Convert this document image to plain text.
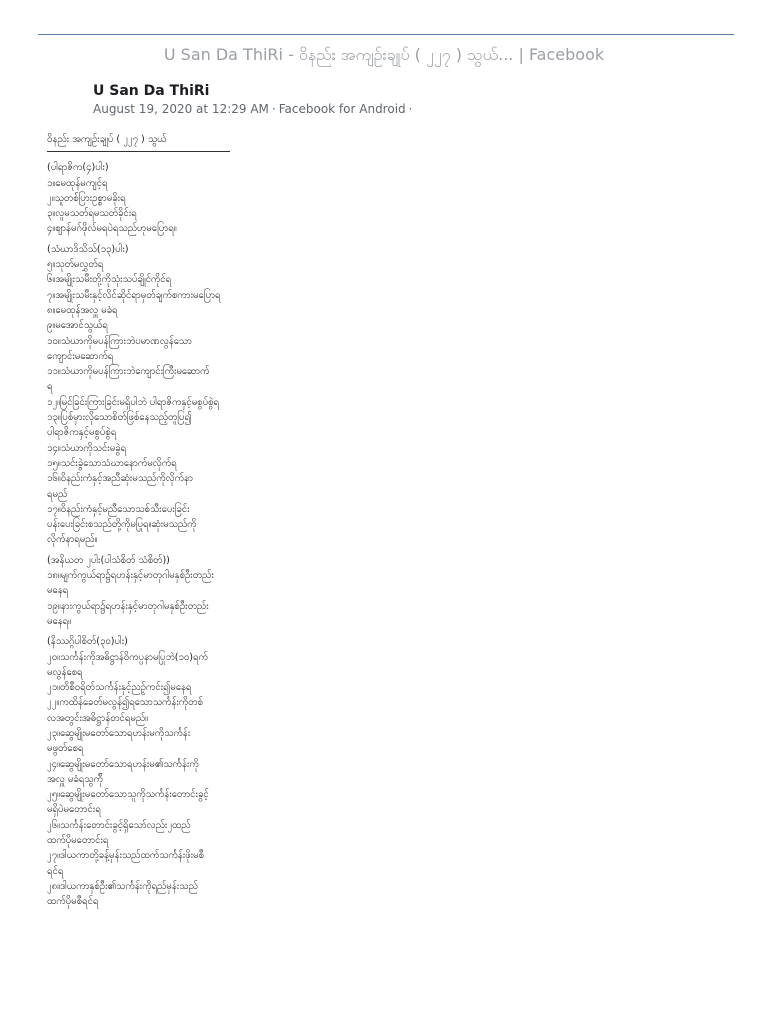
U San Da ThiRi - ဝိနည်း အကျဉ်းချုပ် ( ၂၂၇ ) သွယ်... | Facebook
U San Da ThiRi
August 19, 2020 at 12:29 AM · Facebook for Android ·
ဝိနည်း အကျဉ်းချုပ် ( ၂၂၇ ) သွယ်
(ပါရာဇိက(၄)ပါး)
၁။မေထုန်မကျင့်ရ
၂။သူတစ်ပြားဥစ္စာမခိုးရ
၃။လူမသတ်ရမသတ်ခိုင်းရ
၄။ဈာန်မဂ်ဖိုလ်မရပဲရသည်ဟုမပြောရ။
(သံဃာဒိသိသ်(၁၃)ပါး)
၅။သုတ်မလွှတ်ရ
၆။အမျိုးသမီးတို့ကိုသုံးသပ်ချိုင်ကိုင်ရ
၇။အမျိုးသမီးနှင့်လိင်ဆိုင်ရာမှတ်ချက်စကားမပြောရ
၈။မေထုန်အလှူ မခံရ
၉။မအောင်သွယ်ရ
၁၀။သံဃာကိုမပန်ကြားဘဲပမာဏလွန်သော
ကျောင်းမဆောက်ရ
၁၁။သံဃာကိုမပန်ကြားဘဲကျောင်းကြီးမဆောက်
ရ
၁၂။မြင်ခြင်းကြားခြင်းမရှိပါဘဲ ပါရာဇိကနှင့်မစွပ်စွဲရ
၁၃။ပြစ်မှားလိုသောစိတ်ဖြစ်နေသည့်တူပြ၍
ပါရာဇိကနှင့်မစွပ်စွဲရ
၁၄။သံဃာကိုသင်းမခွဲရ
၁၅။သင်းခွဲသောသံဃာနောက်မလိုက်ရ
၁၆။ဝိနည်းကံနှင့်အညီဆုံးမသည်ကိုလိုက်နာ
ရမည်
၁၇။ဝိနည်းကံနှင့်မညီသောသစ်သီးပေးခြင်း
ပန်းပေးခြင်းစသည်တို့ကိုမပြုရ။ဆုံးမသည်ကို
လိုက်နာရမည်။
(အနိယတ ၂ပါး(ပါသံစိတ် သံစိတ်))
၁၈။မျက်ကွယ်ရာ၌ရဟန်းနှင့်မာတုဂါမနှစ်ဦးတည်း
မနေရ
၁၉။နားကွယ်ရာ၌ရဟန်းနှင့်မာတုဂါမနှစ်ဦးတည်း
မနေရ။
(နိဿဂ္ဂိပါစိတ်(၃၀)ပါး)
၂၀။သင်္ကန်းကိုအဓိဋ္ဌာန်ဝိကပ္ပနာမပြုဘဲ(၁၀)ရက်
မလွန်စေရ
၂၁။တိစီဝရိတ်သင်္ကန်းနှင့်ညဉ့်ကင်း၍မနေရ
၂၂။ကထိန်ခေတ်မလွန်၍ရသောသင်္ကန်းကိုတစ်
လအတွင်းအဓိဋ္ဌာန်တင်ရမည်။
၂၃။ဆွေမျိုးမတော်သောရဟန်းမကိုသင်္ကန်း
မဖွတ်စေရ
၂၄။ဆွေမျိုးမတော်သောရဟန်းမ၏သင်္ကန်းကို
အလှူ မခံရသွက်ို
၂၅။ဆွေမျိုးမတော်သောသူကိုသင်္ကန်းတောင်းခွင့်
မရှိပဲမတောင်းရ
၂၆။သင်္ကန်းတောင်းခွင့်ရှိသော်လည်း၂ထည်
ထက်ပိုမတောင်းရ
၂၇။ဒါယကာတို့ခန့်မှန်းသည်ထက်သင်္ကန်းဖိုးမစီ
ရင်ရ
၂၈။ဒါယကာနှစ်ဦး၏သင်္ကန်းကိုရည်မှန်းသည်
ထက်ပိုမစီရင်ရ
